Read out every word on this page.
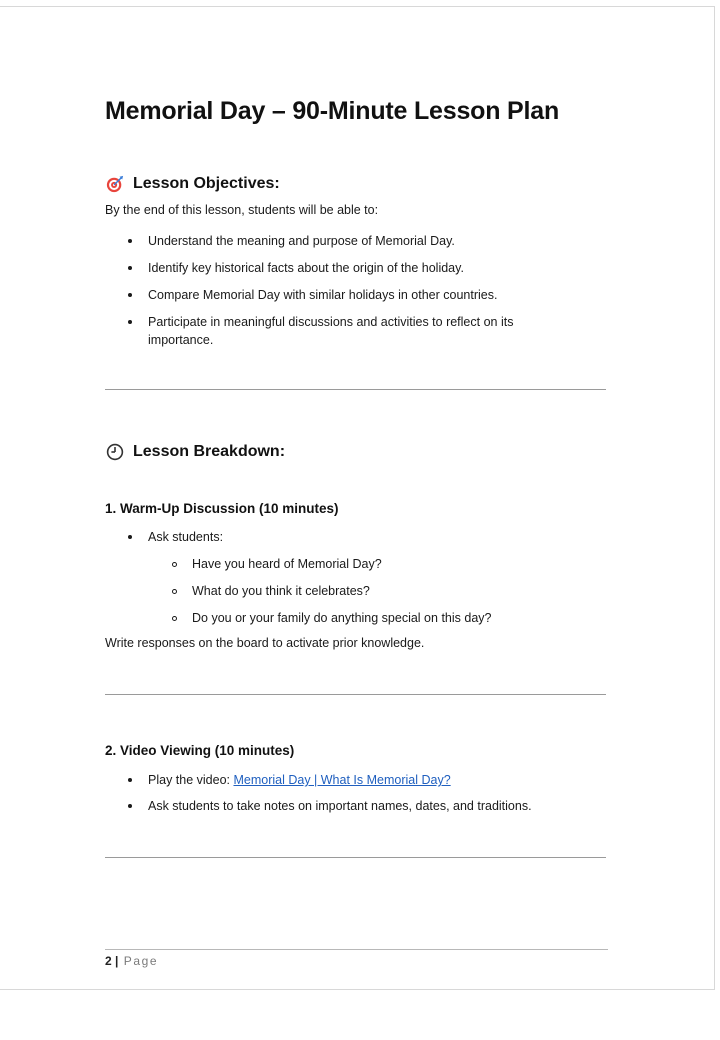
Memorial Day – 90-Minute Lesson Plan
Lesson Objectives:
By the end of this lesson, students will be able to:
Understand the meaning and purpose of Memorial Day.
Identify key historical facts about the origin of the holiday.
Compare Memorial Day with similar holidays in other countries.
Participate in meaningful discussions and activities to reflect on its importance.
Lesson Breakdown:
1. Warm-Up Discussion (10 minutes)
Ask students:
Have you heard of Memorial Day?
What do you think it celebrates?
Do you or your family do anything special on this day?
Write responses on the board to activate prior knowledge.
2. Video Viewing (10 minutes)
Play the video: Memorial Day | What Is Memorial Day?
Ask students to take notes on important names, dates, and traditions.
2 | Page
